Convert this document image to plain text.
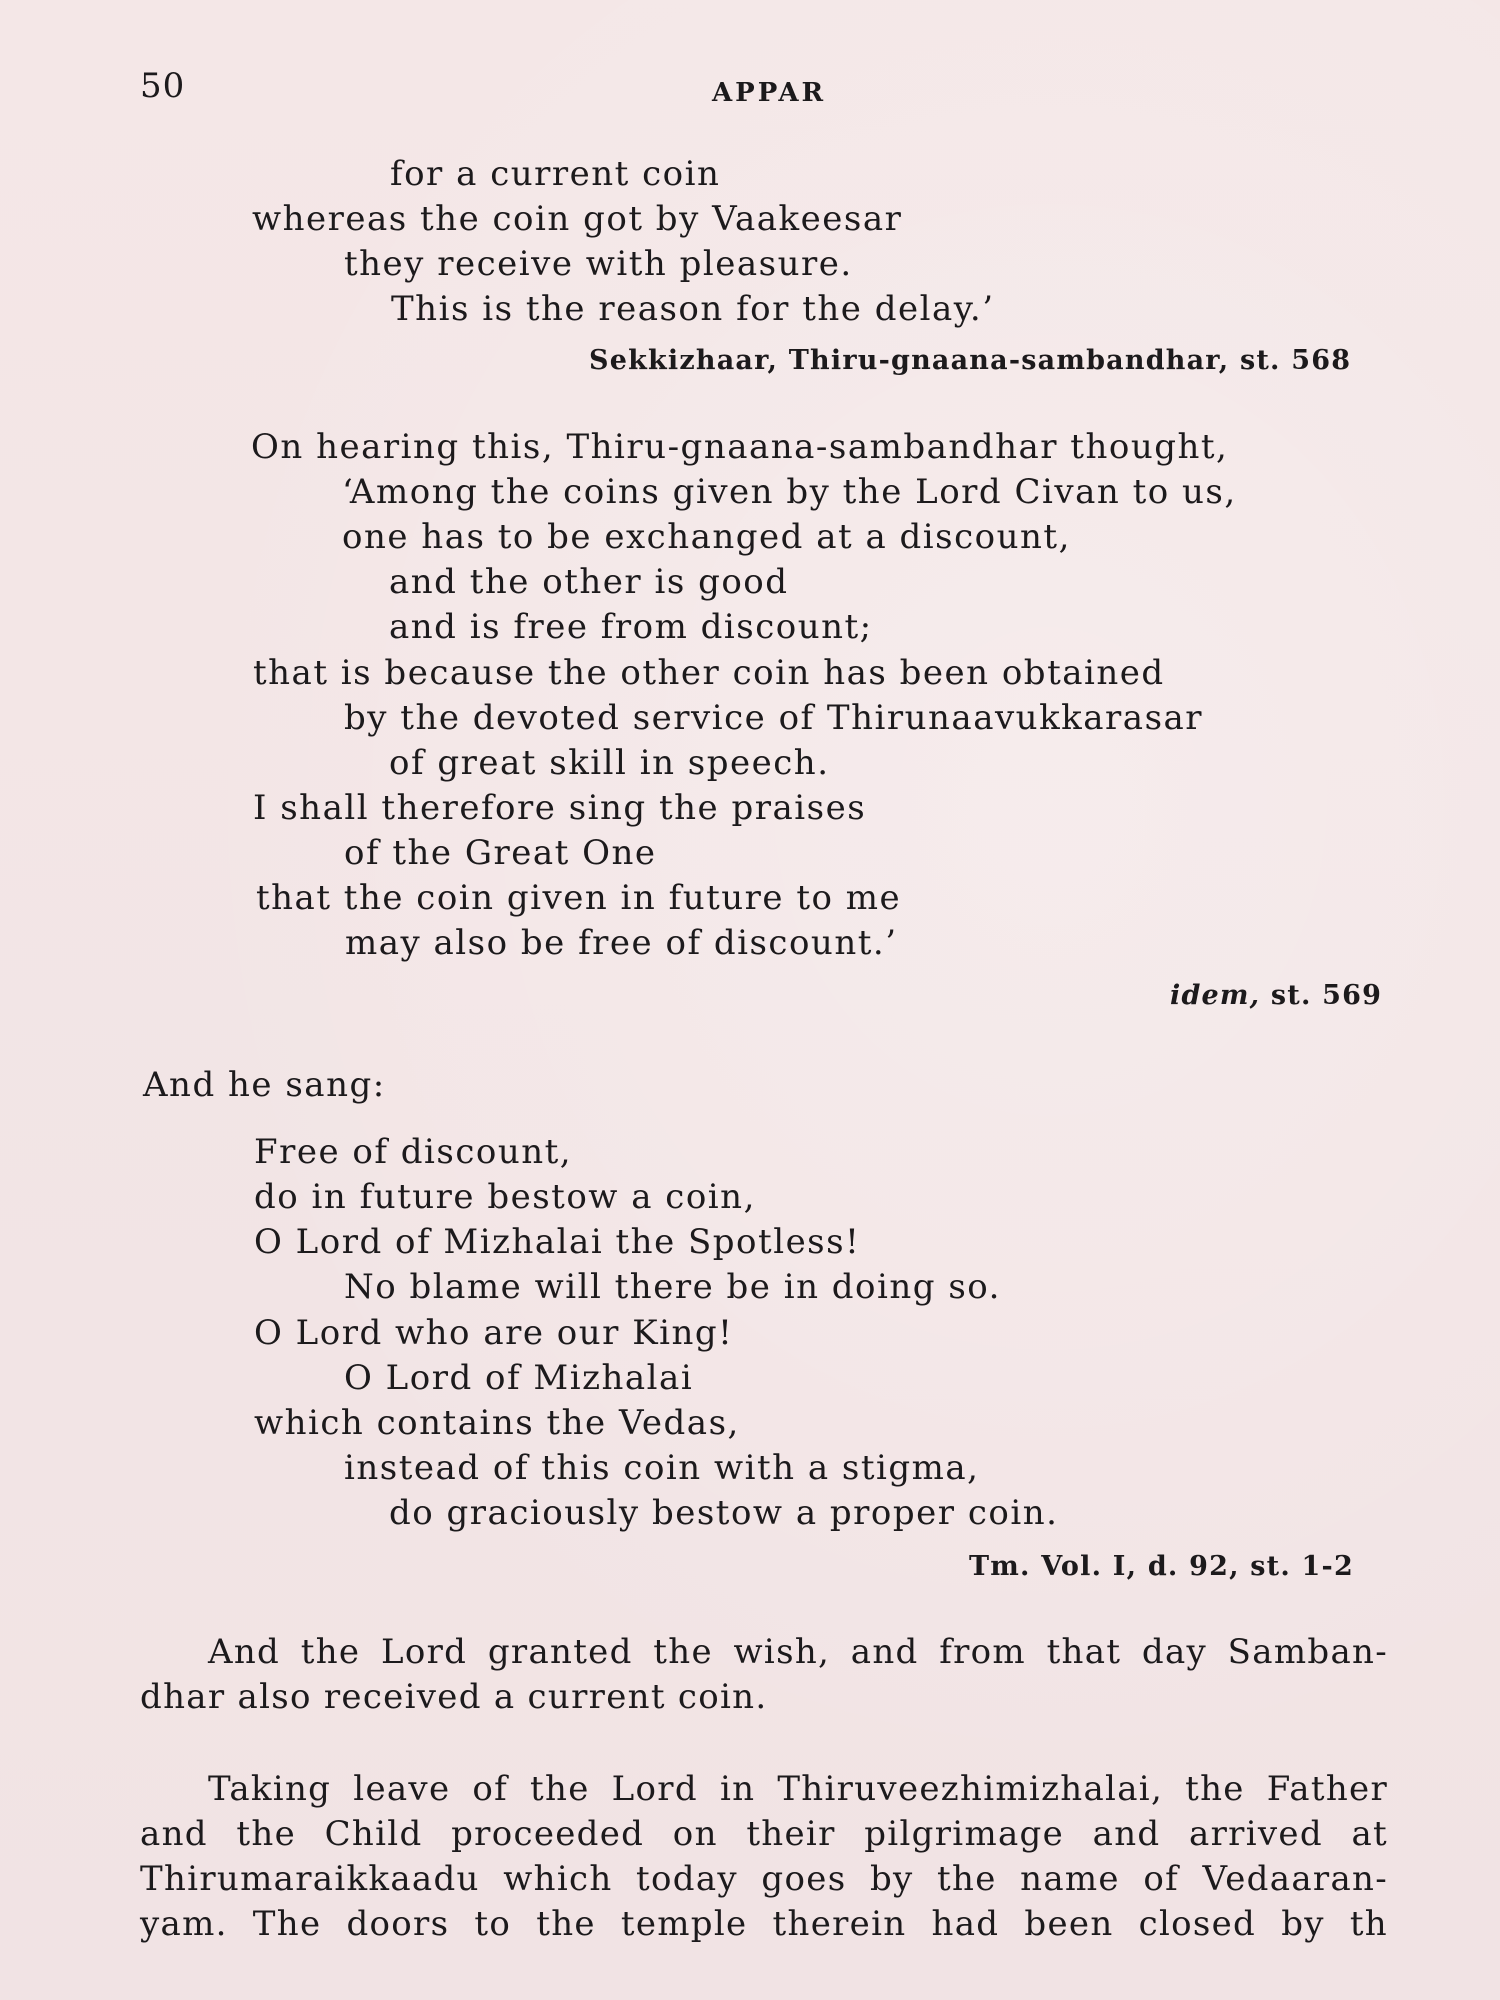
50	APPAR
for a current coin
whereas the coin got by Vaakeesar
they receive with pleasure.
This is the reason for the delay.’
Sekkizhaar, Thiru-gnaana-sambandhar, st. 568
On hearing this, Thiru-gnaana-sambandhar thought,
‘Among the coins given by the Lord Civan to us,
one has to be exchanged at a discount,
and the other is good
and is free from discount;
that is because the other coin has been obtained
by the devoted service of Thirunaavukkarasar
of great skill in speech.
I shall therefore sing the praises
of the Great One
that the coin given in future to me
may also be free of discount.’
idem, st. 569
And he sang:
Free of discount,
do in future bestow a coin,
O Lord of Mizhalai the Spotless!
No blame will there be in doing so.
O Lord who are our King!
O Lord of Mizhalai
which contains the Vedas,
instead of this coin with a stigma,
do graciously bestow a proper coin.
Tm. Vol. I, d. 92, st. 1-2
And the Lord granted the wish, and from that day Samban-
dhar also received a current coin.
Taking leave of the Lord in Thiruveezhimizhalai, the Father
and the Child proceeded on their pilgrimage and arrived at
Thirumaraikkaadu which today goes by the name of Vedaaran-
yam. The doors to the temple therein had been closed by th
